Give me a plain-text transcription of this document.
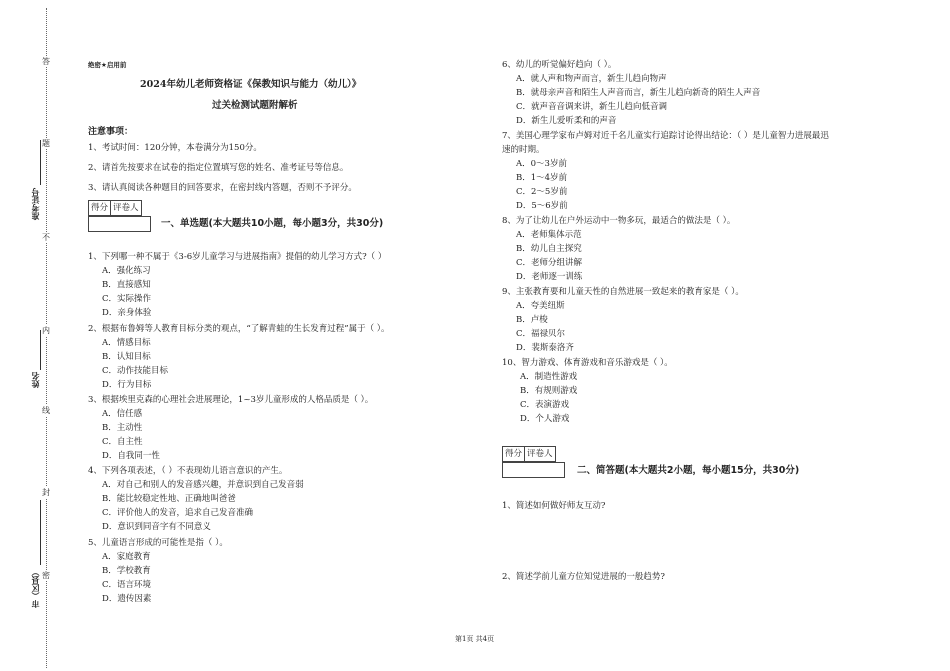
答
题
不
内
线
封
密
准考证号
姓名
市（区县）
绝密★启用前
2024年幼儿老师资格证《保教知识与能力（幼儿）》
过关检测试题附解析
注意事项：
1、考试时间：120分钟，本卷满分为150分。
2、请首先按要求在试卷的指定位置填写您的姓名、准考证号等信息。
3、请认真阅读各种题目的回答要求，在密封线内答题，否则不予评分。
得分 评卷人
一、单选题(本大题共10小题，每小题3分，共30分)
1、下列哪一种不属于《3-6岁儿童学习与进展指南》提倡的幼儿学习方式?（ ）
A．强化练习
B．直接感知
C．实际操作
D．亲身体验
2、根据布鲁姆等人教育目标分类的观点，“了解青蛙的生长发育过程”属于（ ）。
A．情感目标
B．认知目标
C．动作技能目标
D．行为目标
3、根据埃里克森的心理社会进展理论，1~3岁儿童形成的人格品质是（ ）。
A．信任感
B．主动性
C．自主性
D．自我同一性
4、下列各项表述，（ ）不表现幼儿语言意识的产生。
A．对自己和别人的发音感兴趣，并意识到自己发音弱
B．能比较稳定性地、正确地叫爸爸
C．评价他人的发音，追求自己发音准确
D．意识到同音字有不同意义
5、儿童语言形成的可能性是指（ ）。
A．家庭教育
B．学校教育
C．语言环境
D．遗传因素
6、幼儿的听觉偏好趋向（ ）。
A．就人声和物声而言，新生儿趋向物声
B．就母亲声音和陌生人声音而言，新生儿趋向新奇的陌生人声音
C．就声音音调来讲，新生儿趋向低音调
D．新生儿爱听柔和的声音
7、美国心理学家布卢姆对近千名儿童实行追踪讨论得出结论：（ ）是儿童智力进展最迅
速的时期。
A．0～3岁前
B．1～4岁前
C．2～5岁前
D．5～6岁前
8、为了让幼儿在户外运动中一物多玩，最适合的做法是（ ）。
A．老师集体示范
B．幼儿自主探究
C．老师分组讲解
D．老师逐一训练
9、主张教育要和儿童天性的自然进展一致起来的教育家是（ ）。
A．夸美纽斯
B．卢梭
C．福禄贝尔
D．裴斯泰洛齐
10、智力游戏、体育游戏和音乐游戏是（ ）。
A．制造性游戏
B．有规则游戏
C．表演游戏
D．个人游戏
得分 评卷人
二、简答题(本大题共2小题，每小题15分，共30分)
1、简述如何做好师友互动?
2、简述学前儿童方位知觉进展的一般趋势?
第1页 共4页
